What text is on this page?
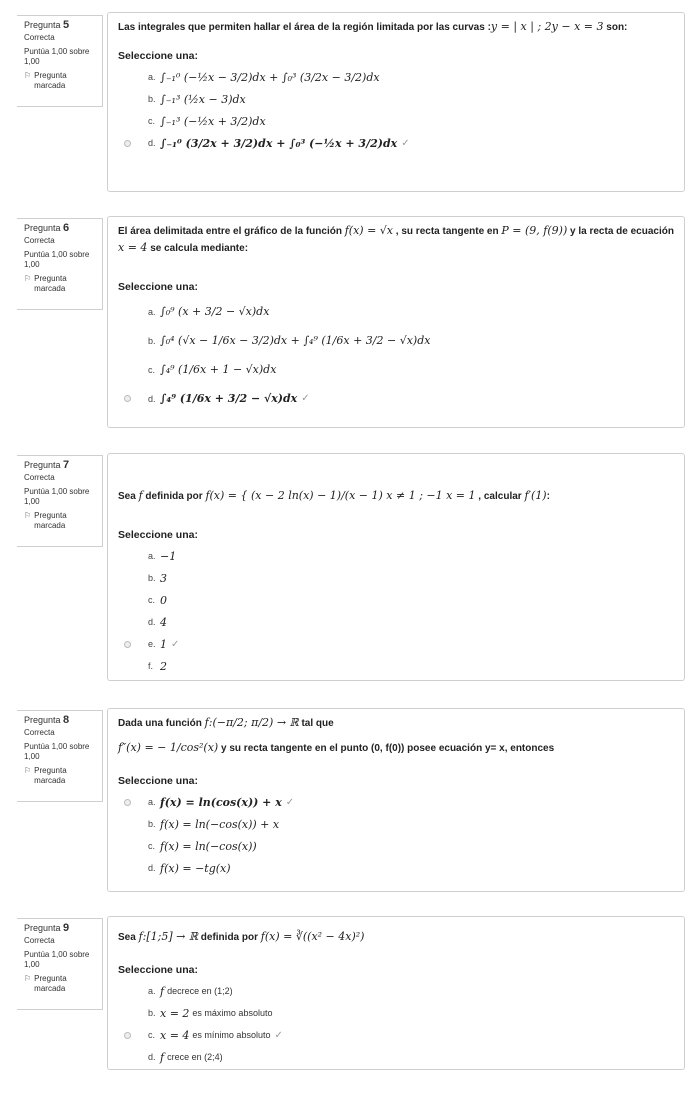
Pregunta 5
Correcta
Puntúa 1,00 sobre 1,00
⚐ Pregunta marcada
Las integrales que permiten hallar el área de la región limitada por las curvas :y = | x | ; 2y − x = 3 son:
Seleccione una:
a. ∫₋₁⁰ (−½x − 3/2)dx + ∫₀³ (3/2x − 3/2)dx
b. ∫₋₁³ (½x − 3)dx
c. ∫₋₁³ (−½x + 3/2)dx
d. ∫₋₁⁰ (3/2x + 3/2)dx + ∫₀³ (−½x + 3/2)dx ✓
Pregunta 6
Correcta
Puntúa 1,00 sobre 1,00
⚐ Pregunta marcada
El área delimitada entre el gráfico de la función f(x) = √x , su recta tangente en P = (9, f(9)) y la recta de ecuación x = 4 se calcula mediante:
Seleccione una:
a. ∫₀⁹ (x + 3/2 − √x)dx
b. ∫₀⁴ (√x − 1/6x − 3/2)dx + ∫₄⁹ (1/6x + 3/2 − √x)dx
c. ∫₄⁹ (1/6x + 1 − √x)dx
d. ∫₄⁹ (1/6x + 3/2 − √x)dx ✓
Pregunta 7
Correcta
Puntúa 1,00 sobre 1,00
⚐ Pregunta marcada
Sea f definida por f(x) = { (x − 2 ln(x) − 1)/(x − 1) x ≠ 1 ; −1 x = 1 , calcular f′(1):
Seleccione una:
a. −1
b. 3
c. 0
d. 4
e. 1 ✓
f. 2
Pregunta 8
Correcta
Puntúa 1,00 sobre 1,00
⚐ Pregunta marcada
Dada una función f:(−π/2; π/2) → ℝ tal que
f″(x) = − 1/cos²(x) y su recta tangente en el punto (0, f(0)) posee ecuación y= x, entonces
Seleccione una:
a. f(x) = ln(cos(x)) + x ✓
b. f(x) = ln(−cos(x)) + x
c. f(x) = ln(−cos(x))
d. f(x) = −tg(x)
Pregunta 9
Correcta
Puntúa 1,00 sobre 1,00
⚐ Pregunta marcada
Sea f:[1;5] → ℝ definida por f(x) = ∛((x² − 4x)²)
Seleccione una:
a. f decrece en (1;2)
b. x = 2 es máximo absoluto
c. x = 4 es mínimo absoluto ✓
d. f crece en (2;4)
